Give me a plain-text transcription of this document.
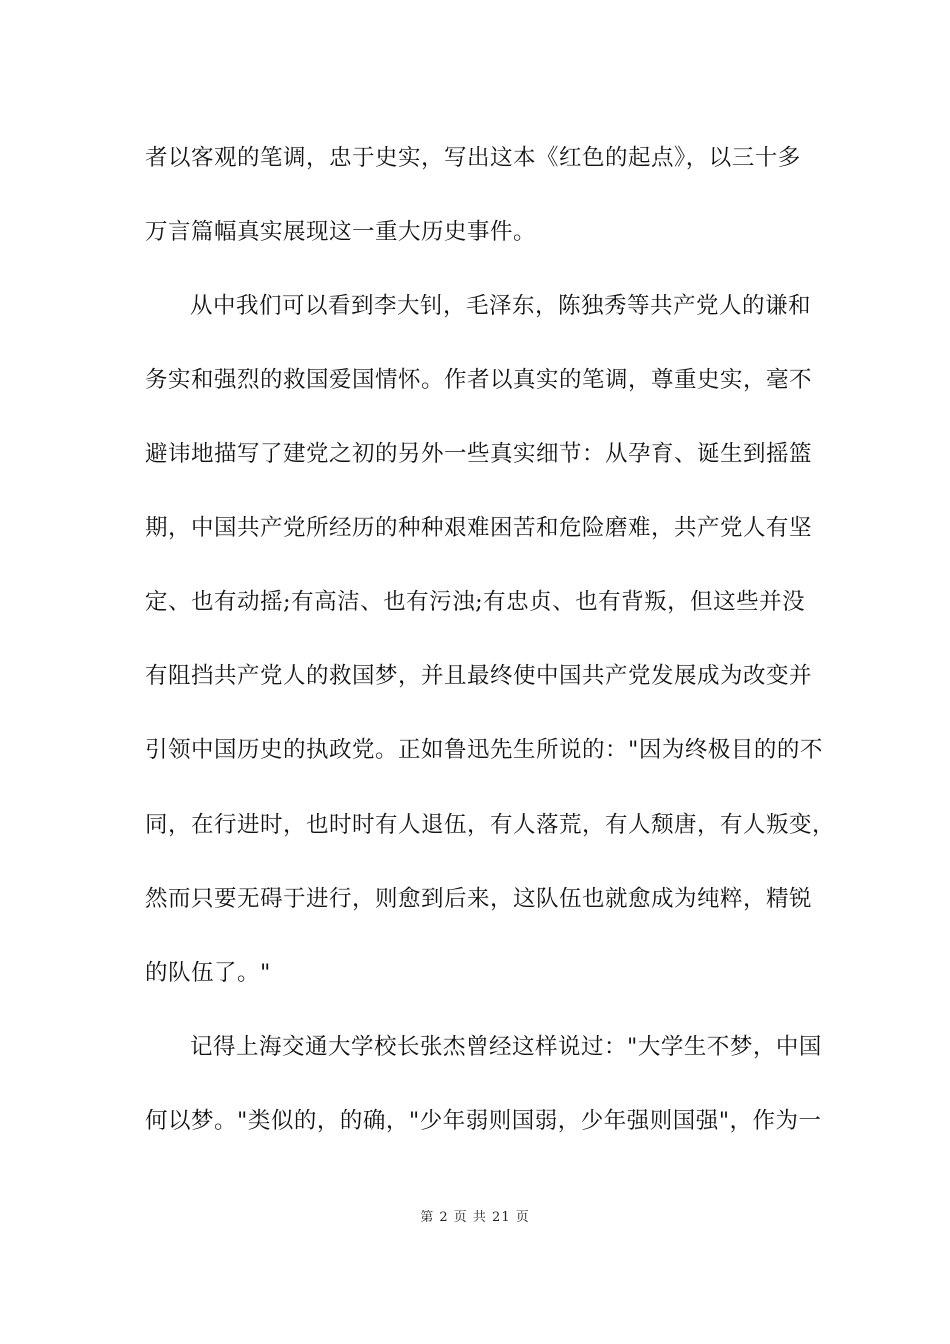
者以客观的笔调，忠于史实，写出这本《红色的起点》，以三十多
万言篇幅真实展现这一重大历史事件。
从中我们可以看到李大钊，毛泽东，陈独秀等共产党人的谦和
务实和强烈的救国爱国情怀。作者以真实的笔调，尊重史实，毫不
避讳地描写了建党之初的另外一些真实细节：从孕育、诞生到摇篮
期，中国共产党所经历的种种艰难困苦和危险磨难，共产党人有坚
定、也有动摇;有高洁、也有污浊;有忠贞、也有背叛，但这些并没
有阻挡共产党人的救国梦，并且最终使中国共产党发展成为改变并
引领中国历史的执政党。正如鲁迅先生所说的："因为终极目的的不
同，在行进时，也时时有人退伍，有人落荒，有人颓唐，有人叛变，
然而只要无碍于进行，则愈到后来，这队伍也就愈成为纯粹，精锐
的队伍了。"
记得上海交通大学校长张杰曾经这样说过："大学生不梦，中国
何以梦。"类似的，的确，"少年弱则国弱，少年强则国强"，作为一
第 2 页 共 21 页
